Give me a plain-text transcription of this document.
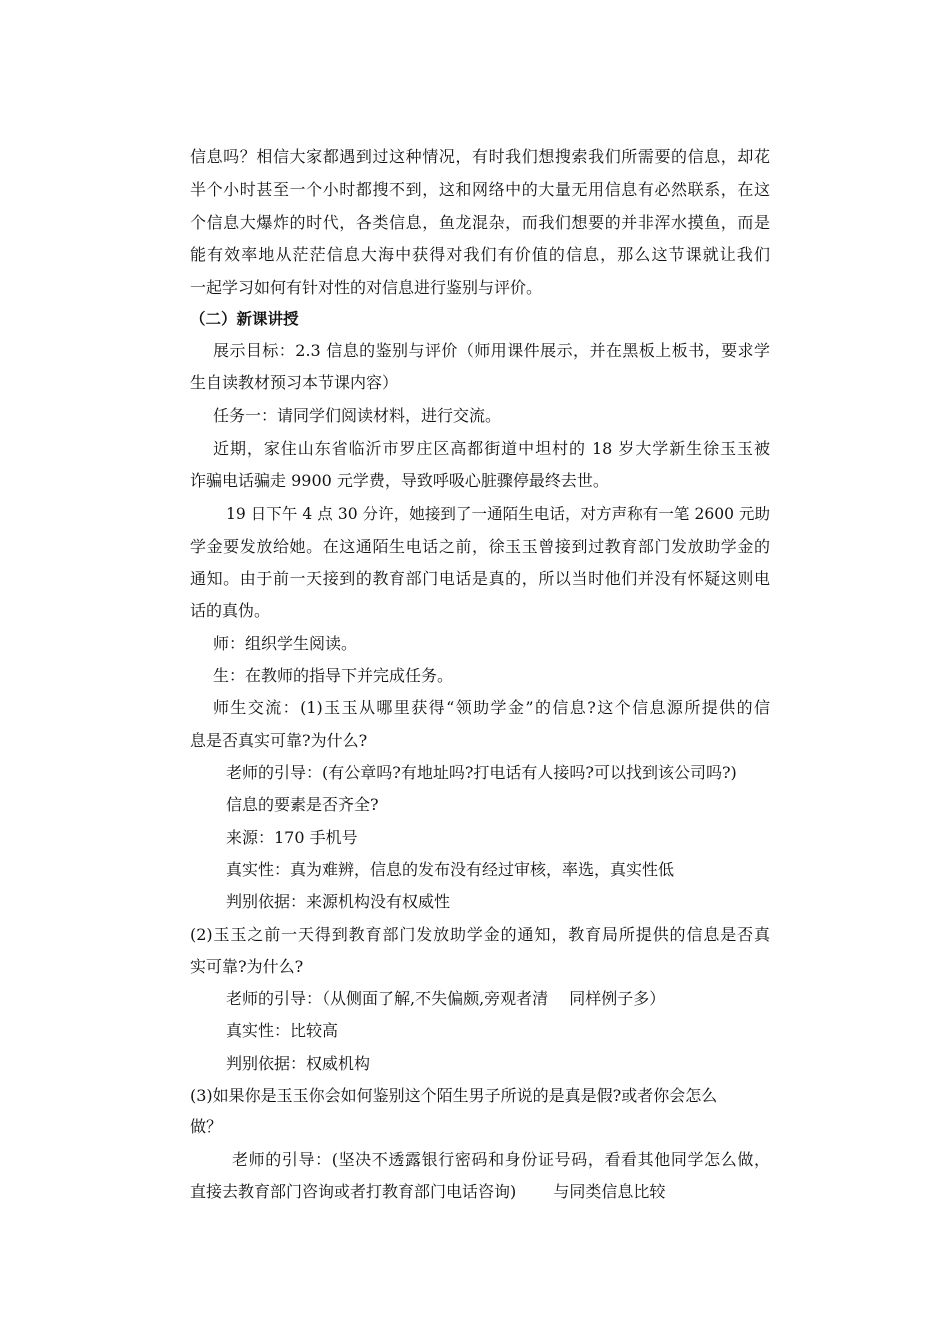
信息吗？相信大家都遇到过这种情况，有时我们想搜索我们所需要的信息，却花
半个小时甚至一个小时都搜不到，这和网络中的大量无用信息有必然联系，在这
个信息大爆炸的时代，各类信息，鱼龙混杂，而我们想要的并非浑水摸鱼，而是
能有效率地从茫茫信息大海中获得对我们有价值的信息，那么这节课就让我们
一起学习如何有针对性的对信息进行鉴别与评价。
（二）新课讲授
展示目标：2.3 信息的鉴别与评价（师用课件展示，并在黑板上板书，要求学
生自读教材预习本节课内容）
任务一：请同学们阅读材料，进行交流。
近期，家住山东省临沂市罗庄区高都街道中坦村的 18 岁大学新生徐玉玉被
诈骗电话骗走 9900 元学费，导致呼吸心脏骤停最终去世。
19 日下午 4 点 30 分许，她接到了一通陌生电话，对方声称有一笔 2600 元助
学金要发放给她。在这通陌生电话之前，徐玉玉曾接到过教育部门发放助学金的
通知。由于前一天接到的教育部门电话是真的，所以当时他们并没有怀疑这则电
话的真伪。
师：组织学生阅读。
生：在教师的指导下并完成任务。
师生交流：(1)玉玉从哪里获得“领助学金”的信息?这个信息源所提供的信
息是否真实可靠?为什么?
老师的引导：(有公章吗?有地址吗?打电话有人接吗?可以找到该公司吗?)
信息的要素是否齐全?
来源：170 手机号
真实性：真为难辨，信息的发布没有经过审核，率选，真实性低
判别依据：来源机构没有权威性
(2)玉玉之前一天得到教育部门发放助学金的通知，教育局所提供的信息是否真
实可靠?为什么?
老师的引导：（从侧面了解,不失偏颇,旁观者清　 同样例子多）
真实性：比较高
判别依据：权威机构
(3)如果你是玉玉你会如何鉴别这个陌生男子所说的是真是假?或者你会怎么
做？
老师的引导：(坚决不透露银行密码和身份证号码，看看其他同学怎么做，
直接去教育部门咨询或者打教育部门电话咨询)　　 与同类信息比较
